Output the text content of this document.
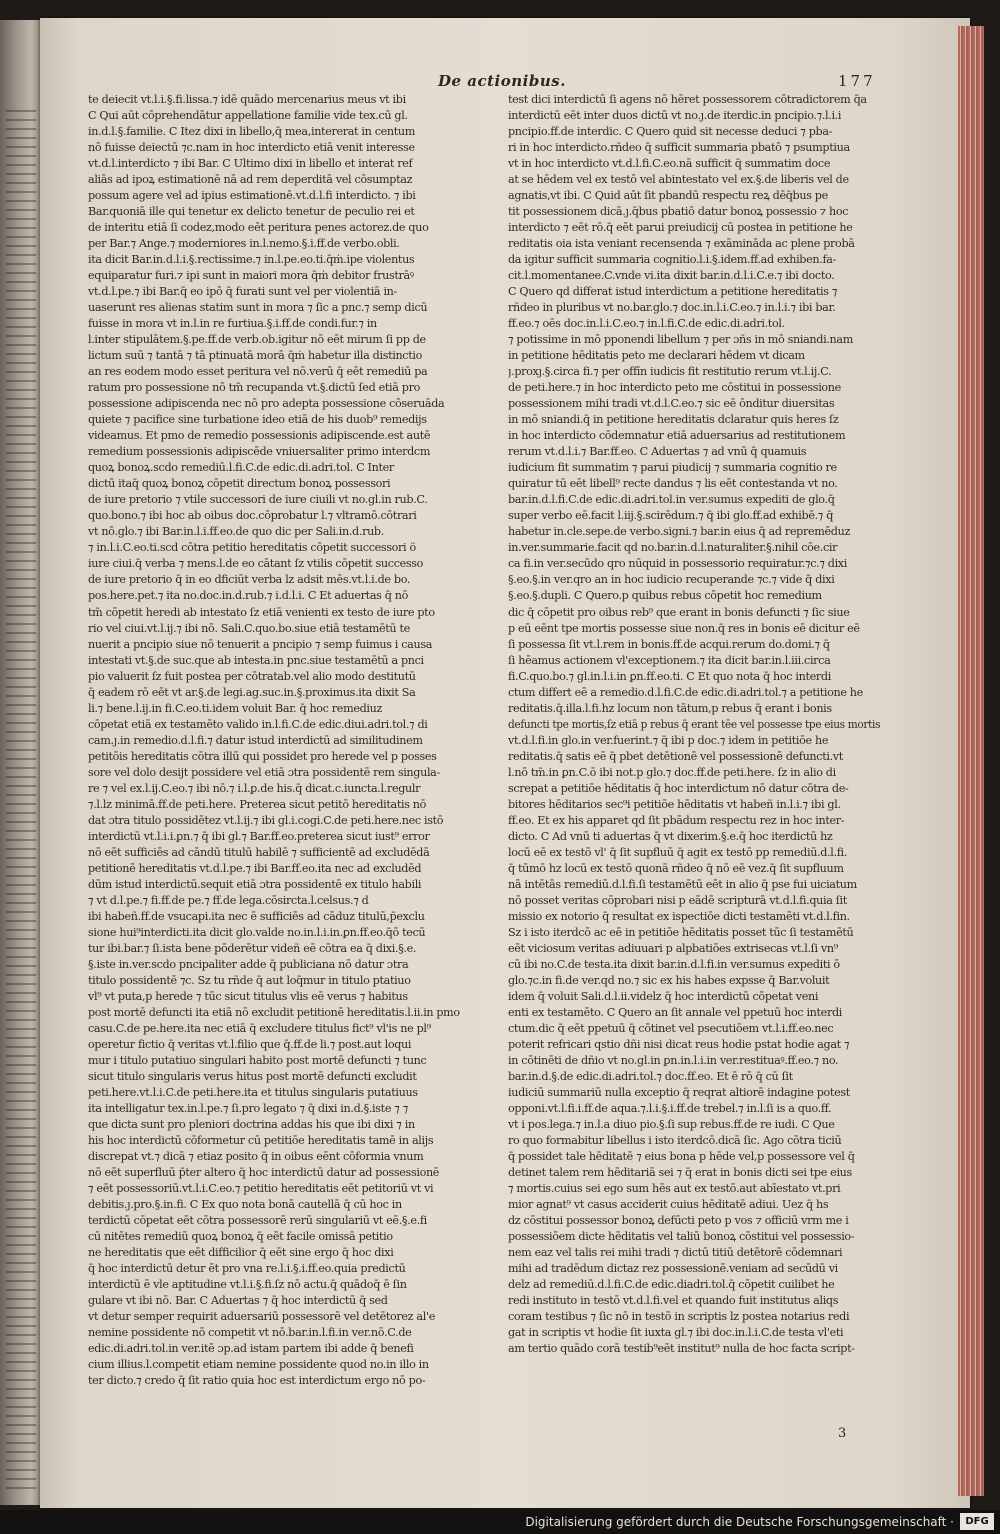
De actionibus.	177
te deiecit vt.l.i.§.fi.lissa.⁊ idē quādo mercenarius meus vt ibi
C Qui aūt cōprehendātur appellatione familie vide tex.cū gl.
in.d.l.§.familie. C Itez dixi in libello,q̄ mea,intererat in centum
nō fuisse deiectū ⁊c.nam in hoc interdicto etiā venit interesse
vt.d.l.interdicto ⁊ ibi Bar. C Ultimo dixi in libello et interat ref
aliās ad ipoꝝ estimationē nā ad rem deperditā vel cōsumptaz
possum agere vel ad ipius estimationē.vt.d.l.fi interdicto. ⁊ ibi
Bar.quoniā ille qui tenetur ex delicto tenetur de peculio rei et
de interitu etiā ſi codez,modo eēt peritura penes actorez.de quo
per Bar.⁊ Ange.⁊ moderniores in.l.nemo.§.i.ff.de verbo.obli.
ita dicit Bar.in.d.l.i.§.rectissime.⁊ in.l.pe.eo.ti.q̄ṁ.ipe violentus
equiparatur furi.⁊ ipi sunt in maiori mora q̄ṁ debitor frustrāꝰ
vt.d.l.pe.⁊ ibi Bar.q̄ eo ipō q̄ furati sunt vel per violentiā in-
uaserunt res alienas statim sunt in mora ⁊ ſic a pnc.⁊ semp dicū
fuisse in mora vt in.l.in re furtiua.§.i.ff.de condi.fur.⁊ in
l.inter stipulātem.§.pe.ff.de verb.ob.igitur nō eēt mirum ſi pp de
lictum suū ⁊ tantā ⁊ tā ptinuatā morā q̄ṁ habetur illa distinctio
an res eodem modo esset peritura vel nō.verū q̄ eēt remediū pa
ratum pro possessione nō tm̄ recupanda vt.§.dictū ſed etiā pro
possessione adipiscenda nec nō pro adepta possessione cōseruāda
quiete ⁊ pacifice sine turbatione ideo etiā de his duob⁹ remedijs
videamus. Et pmo de remedio possessionis adipiscende.est autē
remedium possessionis adipiscēde vniuersaliter primo interdcm
quoꝝ bonoꝝ.scdo remediū.l.fi.C.de edic.di.adri.tol. C Inter
dictū itaq̄ quoꝝ bonoꝝ cōpetit directum bonoꝝ possessori
de iure pretorio ⁊ vtile successori de iure ciuili vt no.gl.in rub.C.
quo.bono.⁊ ibi hoc ab oibus doc.cōprobatur l.⁊ vltramō.cōtrari
vt nō.glo.⁊ ibi Bar.in.l.i.ff.eo.de quo dic per Sali.in.d.rub.
⁊ in.l.i.C.eo.ti.scd cōtra petitio hereditatis cōpetit successori ö
iure ciui.q̄ verba ⁊ mens.l.de eo cātant ſz vtilis cōpetit successo
de iure pretorio q̄ in eo dficiūt verba lz adsit mēs.vt.l.i.de bo.
pos.here.pet.⁊ ita no.doc.in.d.rub.⁊ i.d.l.i. C Et aduertas q̄ nō
tm̄ cōpetit heredi ab intestato ſz etiā venienti ex testo de iure pto
rio vel ciui.vt.l.ij.⁊ ibi nō. Sali.C.quo.bo.siue etiā testamētū te
nuerit a pncipio siue nō tenuerit a pncipio ⁊ semp fuimus i causa
intestati vt.§.de suc.que ab intesta.in pnc.siue testamētū a pnci
pio valuerit ſz fuit postea per cōtratab.vel alio modo destitutū
q̄ eadem rō eēt vt ar.§.de legi.ag.suc.in.§.proximus.ita dixit Sa
li.⁊ bene.l.ij.in fi.C.eo.ti.idem voluit Bar. q̄ hoc remediuz
cōpetat etiā ex testamēto valido in.l.fi.C.de edic.diui.adri.tol.⁊ di
cam.ȷ.in remedio.d.l.fi.⁊ datur istud interdictū ad similitudinem
petitōis hereditatis cōtra illū qui possidet pro herede vel p posses
sore vel dolo desijt possidere vel etiā ɔtra possidentē rem singula-
re ⁊ vel ex.l.ij.C.eo.⁊ ibi nō.⁊ i.l.ꝑ.de his.q̄ dicat.c.iuncta.l.regulr
⁊.l.lz minimā.ff.de peti.here. Preterea sicut petitō hereditatis nō
dat ɔtra titulo possidētez vt.l.ij.⁊ ibi gl.i.cogi.C.de peti.here.nec istō
interdictū vt.l.i.i.ꝑn.⁊ q̄ ibi gl.⁊ Bar.ff.eo.preterea sicut iust⁹ error
nō eēt sufficiēs ad cāndū titulū habilē ⁊ sufficientē ad excludēdā
petitionē hereditatis vt.d.l.pe.⁊ ibi Bar.ff.eo.ita nec ad excludēd
dūm istud interdictū.sequit etiā ɔtra possidentē ex titulo habili
⁊ vt d.l.pe.⁊ fi.ff.de pe.⁊ ff.de lega.cōsircta.l.celsus.⁊ d
ibi habeñ.ff.de vsucapi.ita nec ē sufficiēs ad cāduz titulū,p̄exclu
sione hui⁹interdicti.ita dicit glo.valde no.in.l.i.in.ꝑn.ff.eo.q̄ō tecū
tur ibi.bar.⁊ ſi.ista bene pōderētur videñ eē cōtra ea q̄ dixi.§.e.
§.iste in.ver.scdo pncipaliter adde q̄ publiciana nō datur ɔtra
titulo possidentē ⁊c. Sz tu rñde q̄ aut loq̄mur in titulo ptatiuo
vl⁹ vt puta,p herede ⁊ tūc sicut titulus vlis eē verus ⁊ habitus
post mortē defuncti ita etiā nō excludit petitionē hereditatis.l.ii.in pmo
casu.C.de pe.here.ita nec etiā q̄ excludere titulus fict⁹ vl'is ne pl⁹
operetur fictio q̄ veritas vt.l.filio que q̄.ff.de li.⁊ post.aut loqui
mur i titulo putatiuo singulari habito post mortē defuncti ⁊ tunc
sicut titulo singularis verus hitus post mortē defuncti excludit
peti.here.vt.l.i.C.de peti.here.ita et titulus singularis putatiuus
ita intelligatur tex.in.l.pe.⁊ ſi.pro legato ⁊ q̄ dixi in.d.§.iste ⁊ ⁊
que dicta sunt pro pleniori doctrina addas his que ibi dixi ⁊ in
his hoc interdictū cōformetur cū petitiōe hereditatis tamē in alijs
discrepat vt.⁊ dicā ⁊ etiaz posito q̄ in oibus eēnt cōformia vnum
nō eēt superfluū p̄ter altero q̄ hoc interdictū datur ad possessionē
⁊ eēt possessoriū.vt.l.i.C.eo.⁊ petitio hereditatis eēt petitoriū vt vi
debitis.ȷ.pro.§.in.fi. C Ex quo nota bonā cautellā q̄ cū hoc in
terdictū cōpetat eēt cōtra possessorē rerū singulariū vt eē.§.e.fi
cū nitētes remediū quoꝝ bonoꝝ q̄ eēt facile omissā petitio
ne hereditatis que eēt difficilior q̄ eēt sine ergo q̄ hoc dixi
q̄ hoc interdictū detur ēt pro vna re.l.i.§.i.ff.eo.quia predictū
interdictū ē vle aptitudine vt.l.i.§.fi.ſz nō actu.q̄ quādoq̄ ē ſin
gulare vt ibi nō. Bar. C Aduertas ⁊ q̄ hoc interdictū q̄ sed
vt detur semper requirit aduersariū possessorē vel detētorez al'e
nemine possidente nō competit vt nō.bar.in.l.fi.in ver.nō.C.de
edic.di.adri.tol.in ver.itē ɔp.ad istam partem ibi adde q̄ benefi
cium illius.l.competit etiam nemine possidente quod no.in illo in
ter dicto.⁊ credo q̄ ſit ratio quia hoc est interdictum ergo nō po-
test dici interdictū ſi agens nō hēret possessorem cōtradictorem q̄a
interdictū eēt inter duos dictū vt no.ȷ.de iterdic.in pncipio.⁊.l.i.i
pncipio.ff.de interdic. C Quero quid sit necesse deduci ⁊ pba-
ri in hoc interdicto.rñdeo q̄ sufficit summaria pbatō ⁊ psumptiua
vt in hoc interdicto vt.d.l.fi.C.eo.nā sufficit q̄ summatim doce
at se hēdem vel ex testō vel abintestato vel ex.§.de liberis vel de
agnatis,vt ibi. C Quid aūt ſit pbandū respectu reꝝ dēq̄bus pe
tit possessionem dicā.ȷ.q̄bus pbatiō datur bonoꝝ possessio ⁊ hoc
interdicto ⁊ eēt rō.q̄ eēt parui preiudicij cū postea in petitione he
reditatis oia ista veniant recensenda ⁊ exāmināda ac plene probā
da igitur sufficit summaria cognitio.l.i.§.idem.ff.ad exhiben.fa-
cit.l.momentanee.C.vnde vi.ita dixit bar.in.d.l.i.C.e.⁊ ibi docto.
C Quero qd differat istud interdictum a petitione hereditatis ⁊
rñdeo in pluribus vt no.bar.glo.⁊ doc.in.l.i.C.eo.⁊ in.l.i.⁊ ibi bar.
ff.eo.⁊ oēs doc.in.l.i.C.eo.⁊ in.l.fi.C.de edic.di.adri.tol.
⁊ potissime in mō pponendi libellum ⁊ per ɔñs in mō sniandi.nam
in petitione hēditatis peto me declarari hēdem vt dicam
ȷ.proxȷ.§.circa fi.⁊ per offīn iudicis fit restitutio rerum vt.l.ij.C.
de peti.here.⁊ in hoc interdicto peto me cōstitui in possessione
possessionem mihi tradi vt.d.l.C.eo.⁊ sic eē ōnditur diuersitas
in mō sniandi.q̄ in petitione hereditatis dclaratur quis heres ſz
in hoc interdicto cōdemnatur etiā aduersarius ad restitutionem
rerum vt.d.l.i.⁊ Bar.ff.eo. C Aduertas ⁊ ad vnū q̄ quamuis
iudicium fit summatim ⁊ parui piudicij ⁊ summaria cognitio re
quiratur tū eēt libell⁹ recte dandus ⁊ lis eēt contestanda vt no.
bar.in.d.l.fi.C.de edic.di.adri.tol.in ver.sumus expediti de glo.q̄
super verbo eē.facit l.iij.§.scirēdum.⁊ q̄ ibi glo.ff.ad exhibē.⁊ q̄
habetur in.cle.sepe.de verbo.signi.⁊ bar.in eius q̄ ad repremēduz
in.ver.summarie.facit qd no.bar.in.d.l.naturaliter.§.nihil cōe.cir
ca fi.in ver.secūdo qro nūquid in possessorio requiratur.⁊c.⁊ dixi
§.eo.§.in ver.qro an in hoc iudicio recuperande ⁊c.⁊ vide q̄ dixi
§.eo.§.dupli. C Quero.p quibus rebus cōpetit hoc remedium
dic q̄ cōpetit pro oibus reb⁹ que erant in bonis defuncti ⁊ ſic siue
p eū eēnt tpe mortis possesse siue non.q̄ res in bonis eē dicitur eē
ſi possessa ſit vt.l.rem in bonis.ff.de acqui.rerum do.domi.⁊ q̄
ſi hēamus actionem vl'exceptionem.⁊ ita dicit bar.in.l.iii.circa
fi.C.quo.bo.⁊ gl.in.l.i.in ꝑn.ff.eo.ti. C Et quo nota q̄ hoc interdi
ctum differt eē a remedio.d.l.fi.C.de edic.di.adri.tol.⁊ a petitione he
reditatis.q̄.illa.l.fi.hz locum non tātum,p rebus q̄ erant i bonis
defuncti tpe mortis,ſz etiā p rebus q̄ erant tēe vel possesse tpe eius mortis
vt.d.l.fi.in glo.in ver.fuerint.⁊ q̄ ibi p doc.⁊ idem in petitiōe he
reditatis.q̄ satis eē q̄ pbet detētionē vel possessionē defuncti.vt
l.nō tm̄.in ꝑn.C.ō ibi not.p glo.⁊ doc.ff.de peti.here. ſz in alio di
screpat a petitiōe hēditatis q̄ hoc interdictum nō datur cōtra de-
bitores hēditarios sec⁹i petitiōe hēditatis vt habeñ in.l.i.⁊ ibi gl.
ff.eo. Et ex his apparet qd ſit pbādum respectu rez in hoc inter-
dicto. C Ad vnū ti aduertas q̄ vt dixerim.§.e.q̄ hoc iterdictū hz
locū eē ex testō vl' q̄ ſit supfluū q̄ agit ex testō pp remediū.d.l.fi.
q̄ tūmō hz locū ex testō quonā rñdeo q̄ nō eē vez.q̄ ſit supfluum
nā intētās remediū.d.l.fi.ſi testamētū eēt in alio q̄ pse fui uiciatum
nō posset veritas cōprobari nisi p eādē scripturā vt.d.l.fi.quia ſit
missio ex notorio q̄ resultat ex ispectiōe dicti testamēti vt.d.l.fin.
Sz i isto iterdcō ac eē in petitiōe hēditatis posset tūc ſi testamētū
eēt viciosum veritas adiuuari p alpbatiōes extrisecas vt.l.ſi vn⁹
cū ibi no.C.de testa.ita dixit bar.in.d.l.fi.in ver.sumus expediti ō
glo.⁊c.in fi.de ver.qd no.⁊ sic ex his habes expsse q̄ Bar.voluit
idem q̄ voluit Sali.d.l.ii.videlz q̄ hoc interdictū cōpetat veni
enti ex testamēto. C Quero an ſit annale vel ppetuū hoc interdi
ctum.dic q̄ eēt ppetuū q̄ cōtinet vel psecutiōem vt.l.i.ff.eo.nec
poterit refricari qstio dñi nisi dicat reus hodie pstat hodie agat ⁊
in cōtinēti de dñio vt no.gl.in ꝑn.in.l.i.in ver.restituaꝰ.ff.eo.⁊ no.
bar.in.d.§.de edic.di.adri.tol.⁊ doc.ff.eo. Et ē rō q̄ cū ſit
iudiciū summariū nulla exceptio q̄ reqrat altiorē indagine potest
opponi.vt.l.fi.i.ff.de aqua.⁊.l.i.§.i.ff.de trebel.⁊ in.l.ſi is a quo.ff.
vt i pos.lega.⁊ in.l.a diuo pio.§.ſi sup rebus.ff.de re iudi. C Que
ro quo formabitur libellus i isto iterdcō.dicā ſic. Ago cōtra ticiū
q̄ possidet tale hēditatē ⁊ eius bona p hēde vel,p possessore vel q̄
detinet talem rem hēditariā sei ⁊ q̄ erat in bonis dicti sei tpe eius
⁊ mortis.cuius sei ego sum hēs aut ex testō.aut abīestato vt.pri
mior agnat⁹ vt casus acciderit cuius hēditatē adiui. Uez q̄ hs
dz cōstitui possessor bonoꝝ defūcti peto p vos ⁊ officiū vrm me i
possessiōem dicte hēditatis vel taliū bonoꝝ cōstitui vel possessio-
nem eaz vel talis rei mihi tradi ⁊ dictū titiū detētorē cōdemnari
mihi ad tradēdum dictaz rez possessionē.veniam ad secūdū vi
delz ad remediū.d.l.fi.C.de edic.diadri.tol.q̄ cōpetit cuilibet he
redi instituto in testō vt.d.l.fi.vel et quando fuit institutus aliqs
coram testibus ⁊ ſic nō in testō in scriptis lz postea notarius redi
gat in scriptis vt hodie ſit iuxta gl.⁊ ibi doc.in.l.i.C.de testa vl'eti
am tertio quādo corā testib⁹eēt institut⁹ nulla de hoc facta script-
3
Digitalisierung gefördert durch die Deutsche Forschungsgemeinschaft ·	DFG
